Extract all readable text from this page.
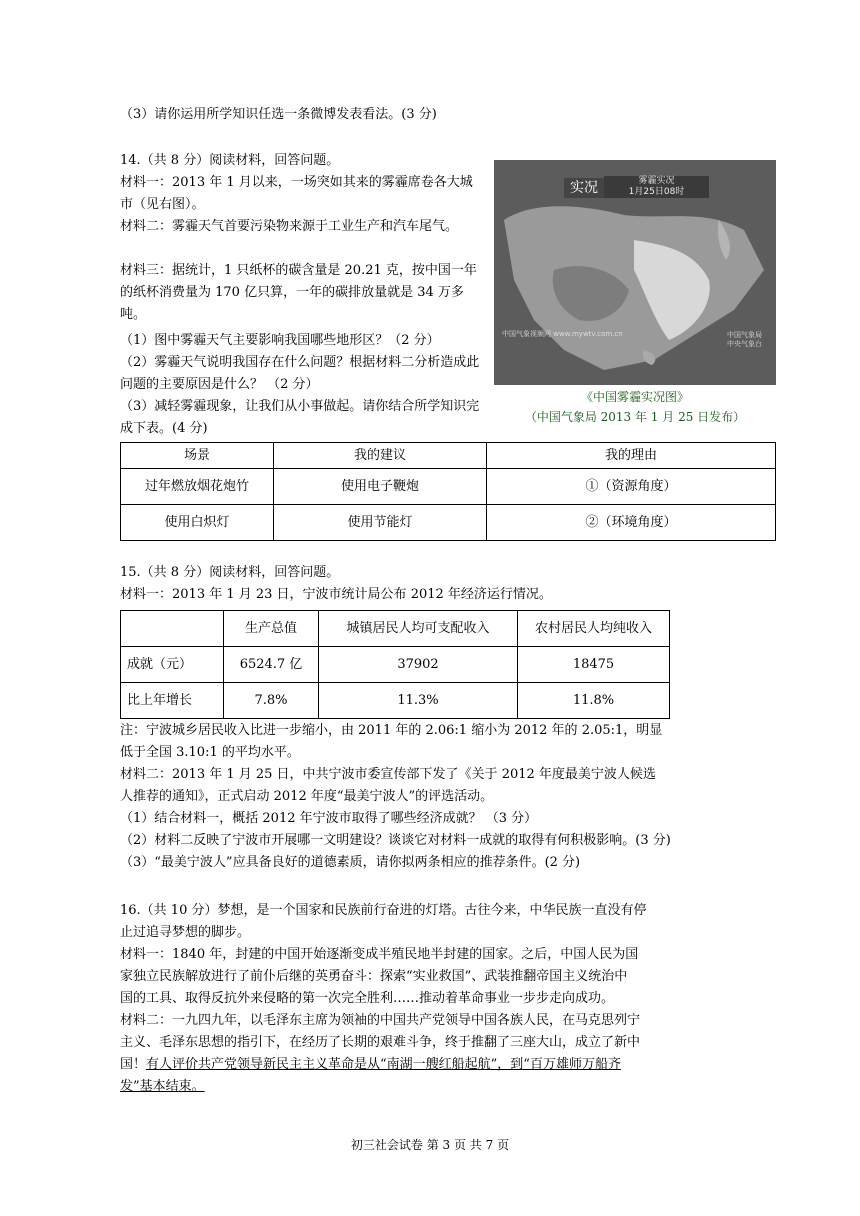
（3）请你运用所学知识任选一条微博发表看法。(3 分)
14.（共 8 分）阅读材料，回答问题。
材料一：2013 年 1 月以来，一场突如其来的雾霾席卷各大城市（见右图）。
材料二：雾霾天气首要污染物来源于工业生产和汽车尾气。
材料三：据统计，1 只纸杯的碳含量是 20.21 克，按中国一年的纸杯消费量为 170 亿只算，一年的碳排放量就是 34 万多吨。
（1）图中雾霾天气主要影响我国哪些地形区？（2 分）
（2）雾霾天气说明我国存在什么问题？根据材料二分析造成此问题的主要原因是什么？ （2 分）
（3）减轻雾霾现象，让我们从小事做起。请你结合所学知识完成下表。(4 分)
实况	雾霾实况
1月25日08时
中国气象视频网 www.mywtv.com.cn	中国气象局
中央气象台
《中国雾霾实况图》
（中国气象局 2013 年 1 月 25 日发布）
场景	我的建议	我的理由
过年燃放烟花炮竹	使用电子鞭炮	①（资源角度）
使用白炽灯	使用节能灯	②（环境角度）
15.（共 8 分）阅读材料，回答问题。
材料一：2013 年 1 月 23 日，宁波市统计局公布 2012 年经济运行情况。
	生产总值	城镇居民人均可支配收入	农村居民人均纯收入
成就（元）	6524.7 亿	37902	18475
比上年增长	7.8%	11.3%	11.8%
注：宁波城乡居民收入比进一步缩小，由 2011 年的 2.06:1 缩小为 2012 年的 2.05:1，明显
低于全国 3.10:1 的平均水平。
材料二：2013 年 1 月 25 日，中共宁波市委宣传部下发了《关于 2012 年度最美宁波人候选
人推荐的通知》，正式启动 2012 年度“最美宁波人”的评选活动。
（1）结合材料一，概括 2012 年宁波市取得了哪些经济成就？ （3 分）
（2）材料二反映了宁波市开展哪一文明建设？谈谈它对材料一成就的取得有何积极影响。(3 分)
（3）“最美宁波人”应具备良好的道德素质，请你拟两条相应的推荐条件。(2 分)
16.（共 10 分）梦想，是一个国家和民族前行奋进的灯塔。古往今来，中华民族一直没有停
止过追寻梦想的脚步。
材料一：1840 年，封建的中国开始逐渐变成半殖民地半封建的国家。之后，中国人民为国
家独立民族解放进行了前仆后继的英勇奋斗：探索“实业救国”、武装推翻帝国主义统治中
国的工具、取得反抗外来侵略的第一次完全胜利……推动着革命事业一步步走向成功。
材料二：一九四九年，以毛泽东主席为领袖的中国共产党领导中国各族人民，在马克思列宁
主义、毛泽东思想的指引下，在经历了长期的艰难斗争，终于推翻了三座大山，成立了新中
国！有人评价共产党领导新民主主义革命是从“南湖一艘红船起航”，到“百万雄师万船齐
发”基本结束。
初三社会试卷 第 3 页 共 7 页
